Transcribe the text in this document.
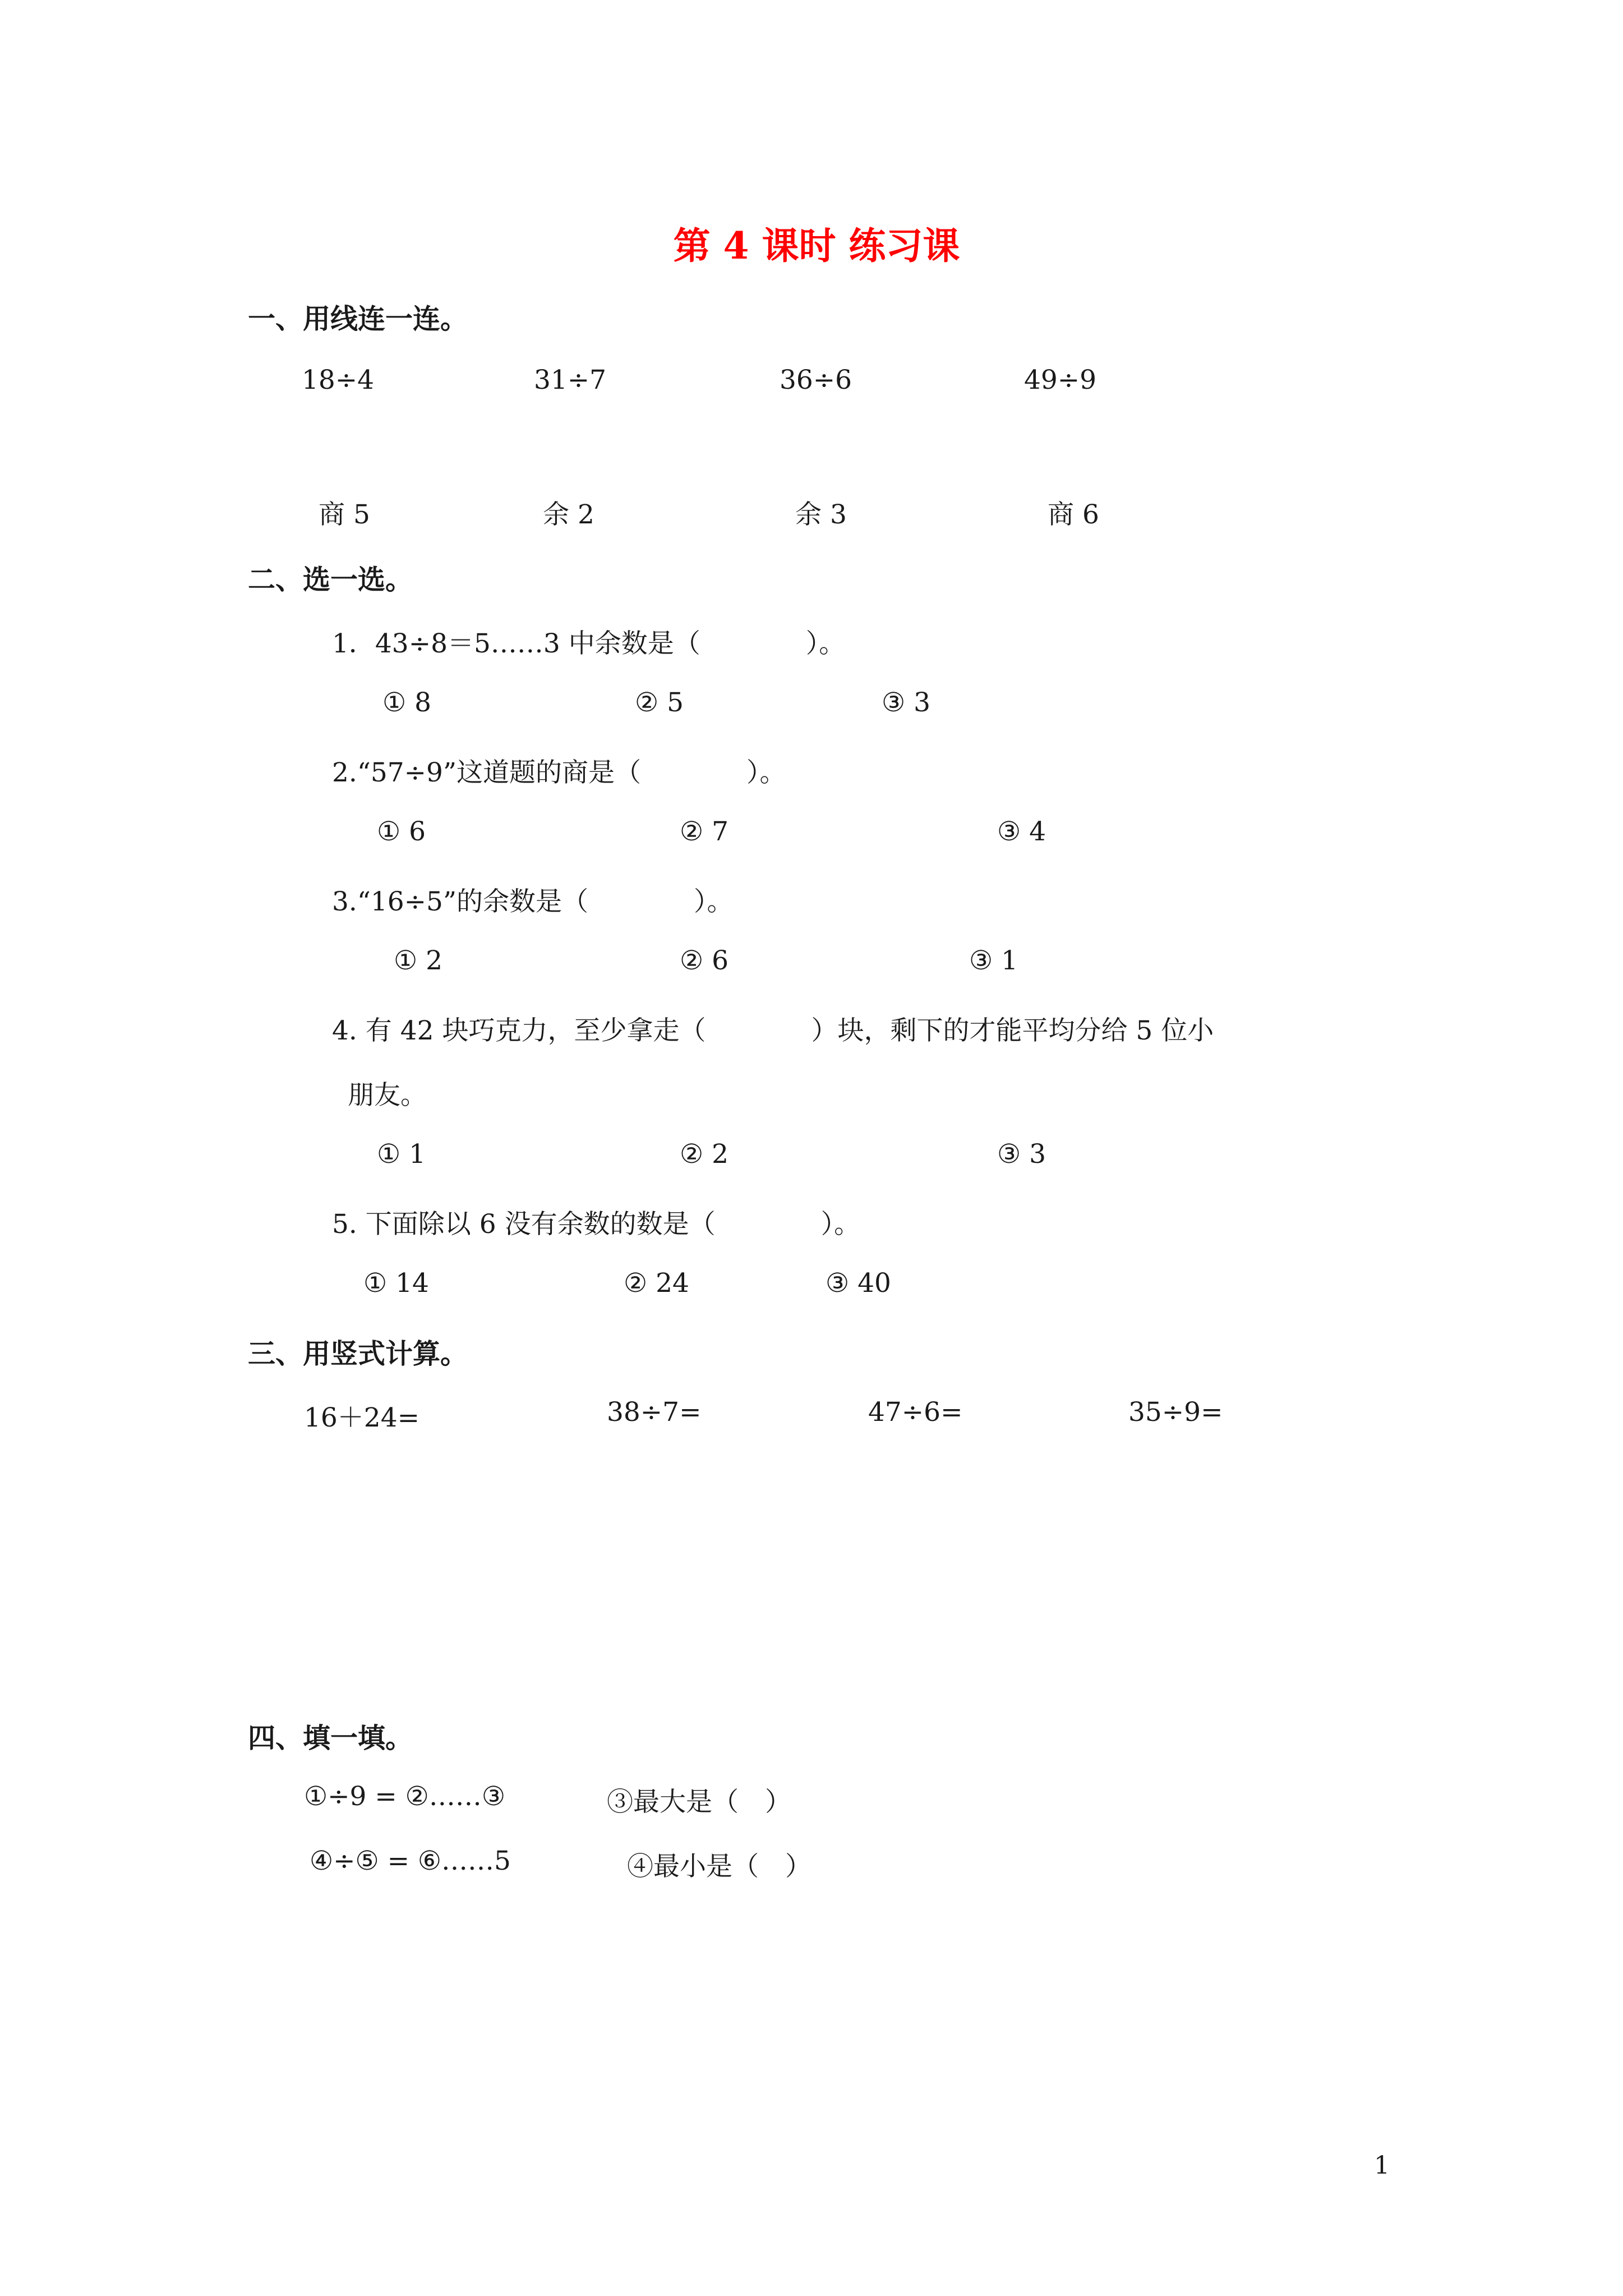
第 4 课时 练习课
一、用线连一连。
18÷4	31÷7	36÷6	49÷9
商 5	余 2	余 3	商 6
二、选一选。
1．43÷8＝5……3 中余数是（　　　　）。
① 8	② 5	③ 3
2.“57÷9”这道题的商是（　　　　）。
① 6	② 7	③ 4
3.“16÷5”的余数是（　　　　）。
① 2	② 6	③ 1
4. 有 42 块巧克力，至少拿走（　　　　）块，剩下的才能平均分给 5 位小
朋友。
① 1	② 2	③ 3
5. 下面除以 6 没有余数的数是（　　　　）。
① 14	② 24	③ 40
三、用竖式计算。
16＋24=	38÷7=	47÷6=	35÷9=
四、填一填。
①÷9 = ②……③	③最大是（　）
④÷⑤ = ⑥……5	④最小是（　）
1
